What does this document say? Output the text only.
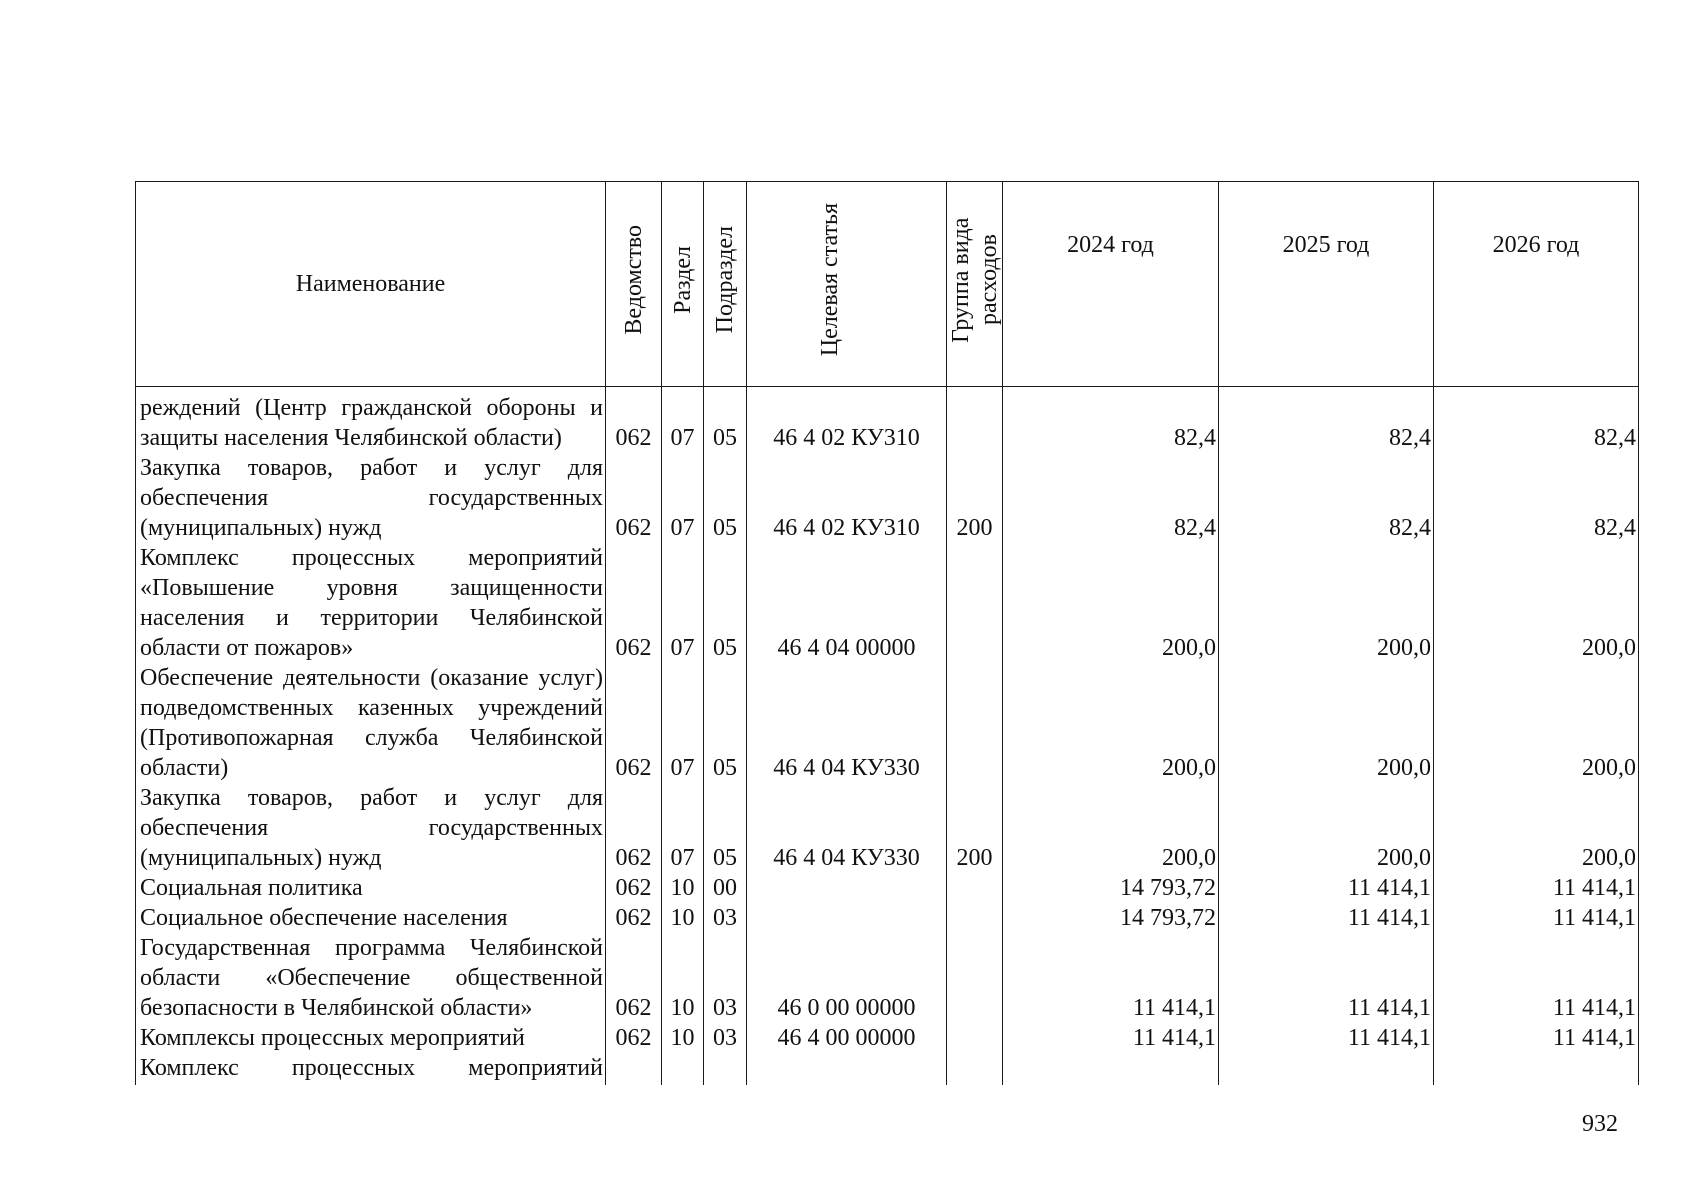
Наименование	Ведомство	Раздел	Подраздел	Целевая статья	Группа вида расходов	2024 год	2025 год	2026 год
реждений (Центр гражданской обороны и защиты населения Челябинской области)	062	07	05	46 4 02 КУ310		82,4	82,4	82,4
Закупка товаров, работ и услуг для обеспечения государственных (муниципальных) нужд	062	07	05	46 4 02 КУ310	200	82,4	82,4	82,4
Комплекс процессных мероприятий «Повышение уровня защищенности населения и территории Челябинской области от пожаров»	062	07	05	46 4 04 00000		200,0	200,0	200,0
Обеспечение деятельности (оказание услуг) подведомственных казенных учреждений (Противопожарная служба Челябинской области)	062	07	05	46 4 04 КУ330		200,0	200,0	200,0
Закупка товаров, работ и услуг для обеспечения государственных (муниципальных) нужд	062	07	05	46 4 04 КУ330	200	200,0	200,0	200,0
Социальная политика	062	10	00			14 793,72	11 414,1	11 414,1
Социальное обеспечение населения	062	10	03			14 793,72	11 414,1	11 414,1
Государственная программа Челябинской области «Обеспечение общественной безопасности в Челябинской области»	062	10	03	46 0 00 00000		11 414,1	11 414,1	11 414,1
Комплексы процессных мероприятий	062	10	03	46 4 00 00000		11 414,1	11 414,1	11 414,1
Комплекс процессных мероприятий								
932
